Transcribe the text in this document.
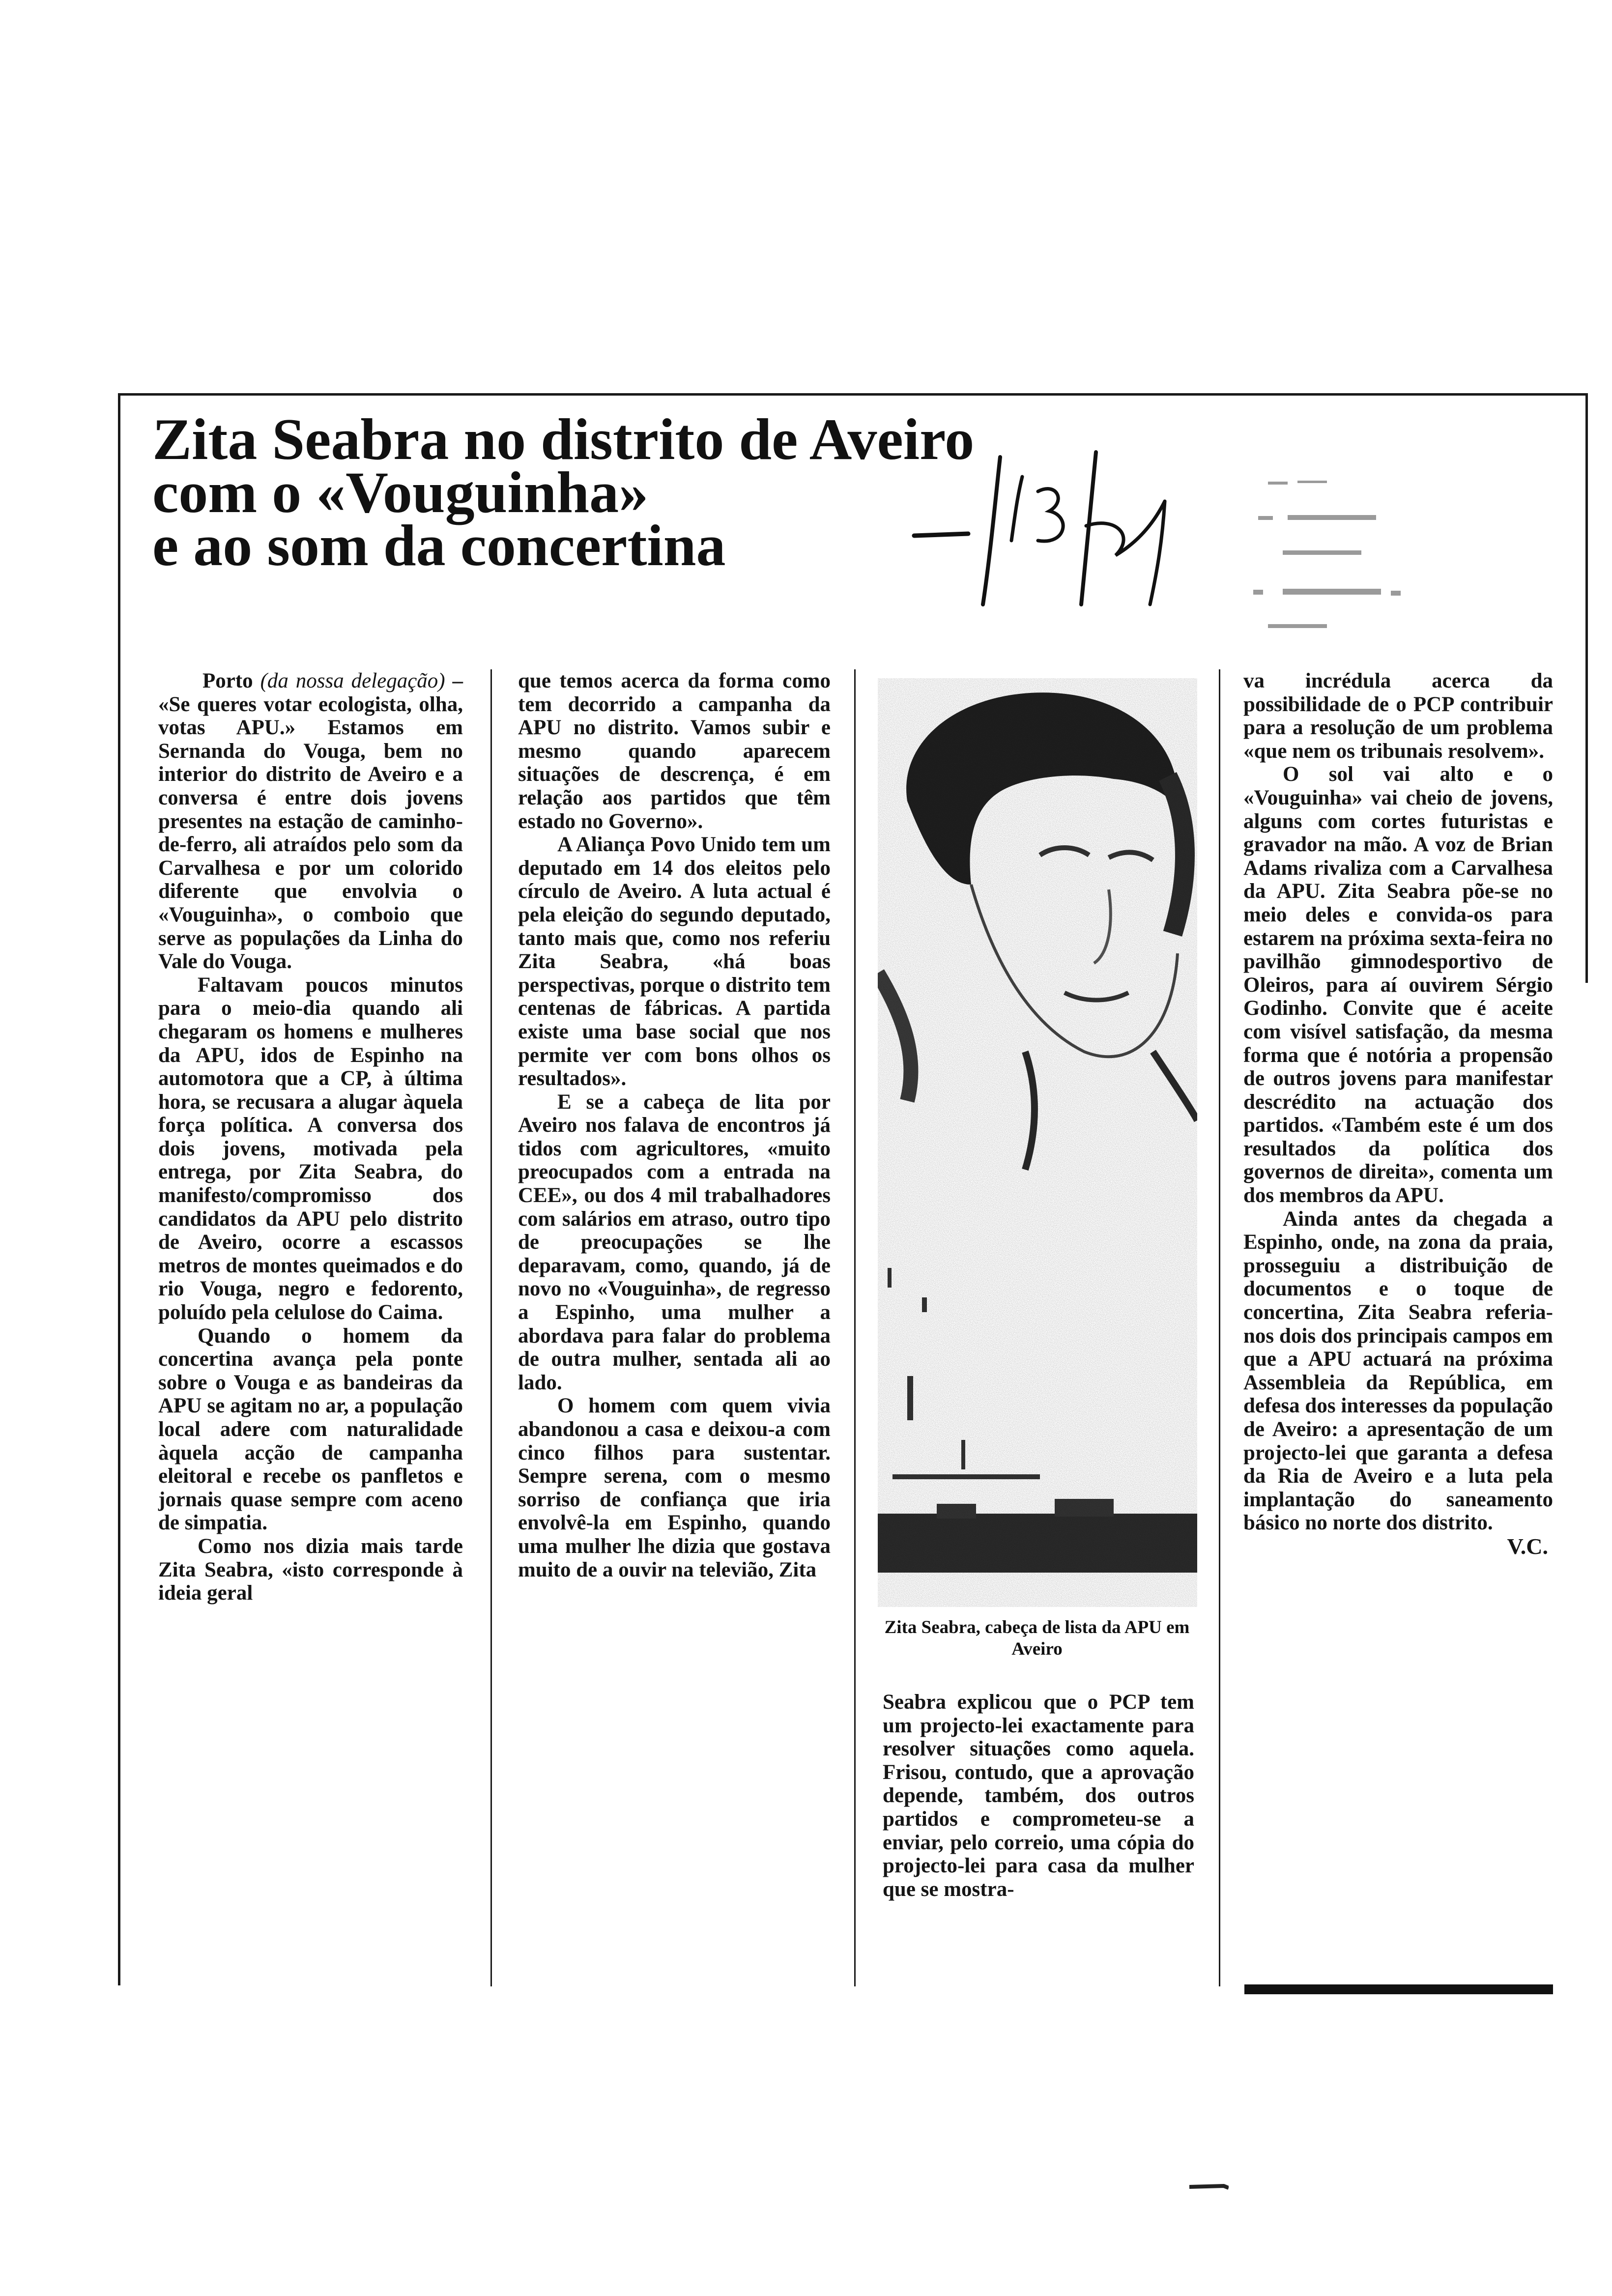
Zita Seabra no distrito de Aveiro
com o «Vouguinha»
e ao som da concertina

Porto (da nossa delegação) – «Se queres votar ecologista, olha, votas APU.» Estamos em Sernanda do Vouga, bem no interior do distrito de Aveiro e a conversa é entre dois jovens presentes na estação de caminho-de-ferro, ali atraídos pelo som da Carvalhesa e por um colorido diferente que envolvia o «Vouguinha», o comboio que serve as populações da Linha do Vale do Vouga.

Faltavam poucos minutos para o meio-dia quando ali chegaram os homens e mulheres da APU, idos de Espinho na automotora que a CP, à última hora, se recusara a alugar àquela força política. A conversa dos dois jovens, motivada pela entrega, por Zita Seabra, do manifesto/compromisso dos candidatos da APU pelo distrito de Aveiro, ocorre a escassos metros de montes queimados e do rio Vouga, negro e fedorento, poluído pela celulose do Caima.

Quando o homem da concertina avança pela ponte sobre o Vouga e as bandeiras da APU se agitam no ar, a população local adere com naturalidade àquela acção de campanha eleitoral e recebe os panfletos e jornais quase sempre com aceno de simpatia.

Como nos dizia mais tarde Zita Seabra, «isto corresponde à ideia geral

que temos acerca da forma como tem decorrido a campanha da APU no distrito. Vamos subir e mesmo quando aparecem situações de descrença, é em relação aos partidos que têm estado no Governo».

A Aliança Povo Unido tem um deputado em 14 dos eleitos pelo círculo de Aveiro. A luta actual é pela eleição do segundo deputado, tanto mais que, como nos referiu Zita Seabra, «há boas perspectivas, porque o distrito tem centenas de fábricas. A partida existe uma base social que nos permite ver com bons olhos os resultados».

E se a cabeça de lita por Aveiro nos falava de encontros já tidos com agricultores, «muito preocupados com a entrada na CEE», ou dos 4 mil trabalhadores com salários em atraso, outro tipo de preocupações se lhe deparavam, como, quando, já de novo no «Vouguinha», de regresso a Espinho, uma mulher a abordava para falar do problema de outra mulher, sentada ali ao lado.

O homem com quem vivia abandonou a casa e deixou-a com cinco filhos para sustentar. Sempre serena, com o mesmo sorriso de confiança que iria envolvê-la em Espinho, quando uma mulher lhe dizia que gostava muito de a ouvir na televião, Zita

Zita Seabra, cabeça de lista da APU em Aveiro

Seabra explicou que o PCP tem um projecto-lei exactamente para resolver situações como aquela. Frisou, contudo, que a aprovação depende, também, dos outros partidos e comprometeu-se a enviar, pelo correio, uma cópia do projecto-lei para casa da mulher que se mostra-

va incrédula acerca da possibilidade de o PCP contribuir para a resolução de um problema «que nem os tribunais resolvem».

O sol vai alto e o «Vouguinha» vai cheio de jovens, alguns com cortes futuristas e gravador na mão. A voz de Brian Adams rivaliza com a Carvalhesa da APU. Zita Seabra põe-se no meio deles e convida-os para estarem na próxima sexta-feira no pavilhão gimnodesportivo de Oleiros, para aí ouvirem Sérgio Godinho. Convite que é aceite com visível satisfação, da mesma forma que é notória a propensão de outros jovens para manifestar descrédito na actuação dos partidos. «Também este é um dos resultados da política dos governos de direita», comenta um dos membros da APU.

Ainda antes da chegada a Espinho, onde, na zona da praia, prosseguiu a distribuição de documentos e o toque de concertina, Zita Seabra referia-nos dois dos principais campos em que a APU actuará na próxima Assembleia da República, em defesa dos interesses da população de Aveiro: a apresentação de um projecto-lei que garanta a defesa da Ria de Aveiro e a luta pela implantação do saneamento básico no norte dos distrito.

V.C.
